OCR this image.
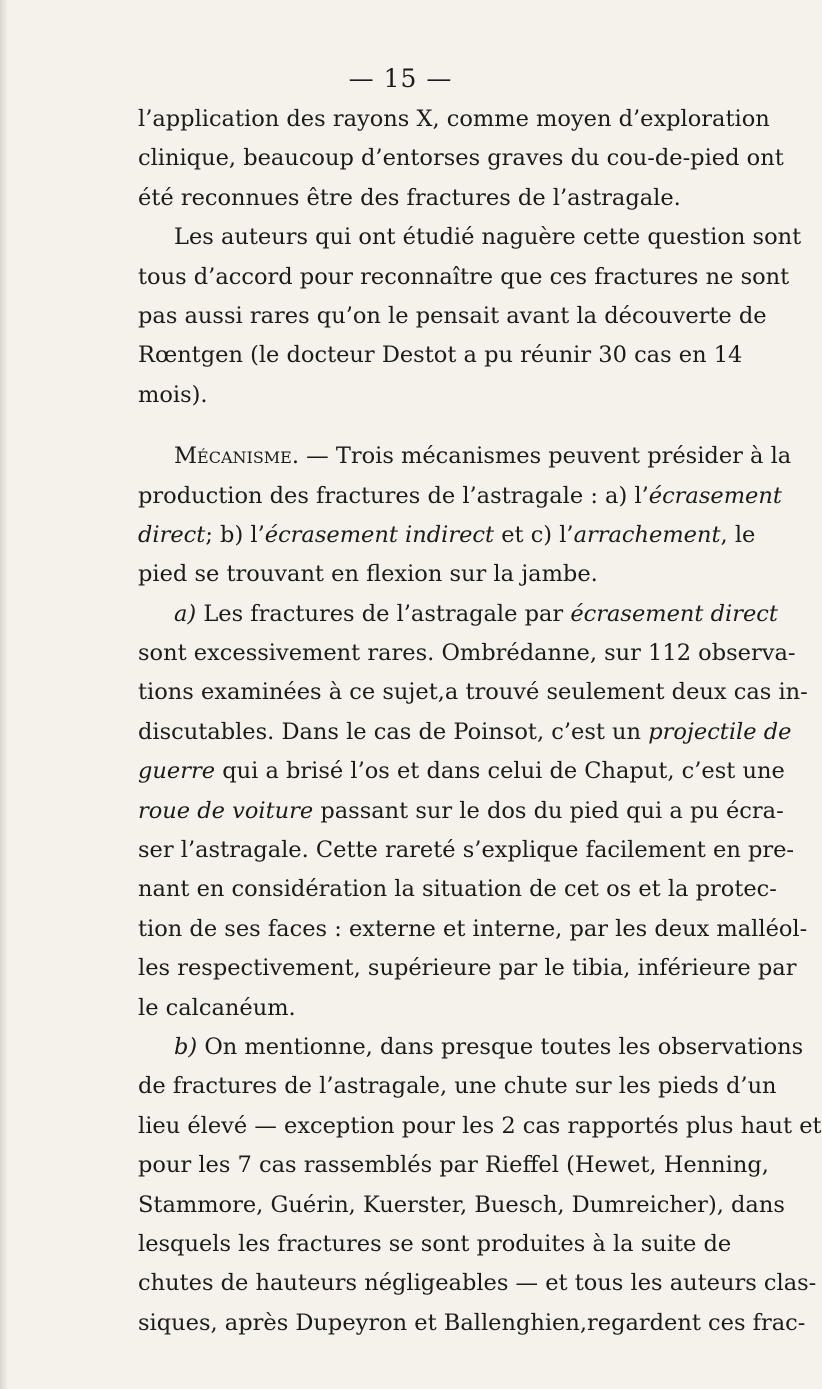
— 15 —
l’application des rayons X, comme moyen d’exploration
clinique, beaucoup d’entorses graves du cou-de-pied ont
été reconnues être des fractures de l’astragale.
Les auteurs qui ont étudié naguère cette question sont
tous d’accord pour reconnaître que ces fractures ne sont
pas aussi rares qu’on le pensait avant la découverte de
Rœntgen (le docteur Destot a pu réunir 30 cas en 14
mois).
Mécanisme. — Trois mécanismes peuvent présider à la
production des fractures de l’astragale : a) l’écrasement
direct; b) l’écrasement indirect et c) l’arrachement, le
pied se trouvant en flexion sur la jambe.
a) Les fractures de l’astragale par écrasement direct
sont excessivement rares. Ombrédanne, sur 112 observa-
tions examinées à ce sujet,a trouvé seulement deux cas in-
discutables. Dans le cas de Poinsot, c’est un projectile de
guerre qui a brisé l’os et dans celui de Chaput, c’est une
roue de voiture passant sur le dos du pied qui a pu écra-
ser l’astragale. Cette rareté s’explique facilement en pre-
nant en considération la situation de cet os et la protec-
tion de ses faces : externe et interne, par les deux malléol-
les respectivement, supérieure par le tibia, inférieure par
le calcanéum.
b) On mentionne, dans presque toutes les observations
de fractures de l’astragale, une chute sur les pieds d’un
lieu élevé — exception pour les 2 cas rapportés plus haut et
pour les 7 cas rassemblés par Rieffel (Hewet, Henning,
Stammore, Guérin, Kuerster, Buesch, Dumreicher), dans
lesquels les fractures se sont produites à la suite de
chutes de hauteurs négligeables — et tous les auteurs clas-
siques, après Dupeyron et Ballenghien,regardent ces frac-
